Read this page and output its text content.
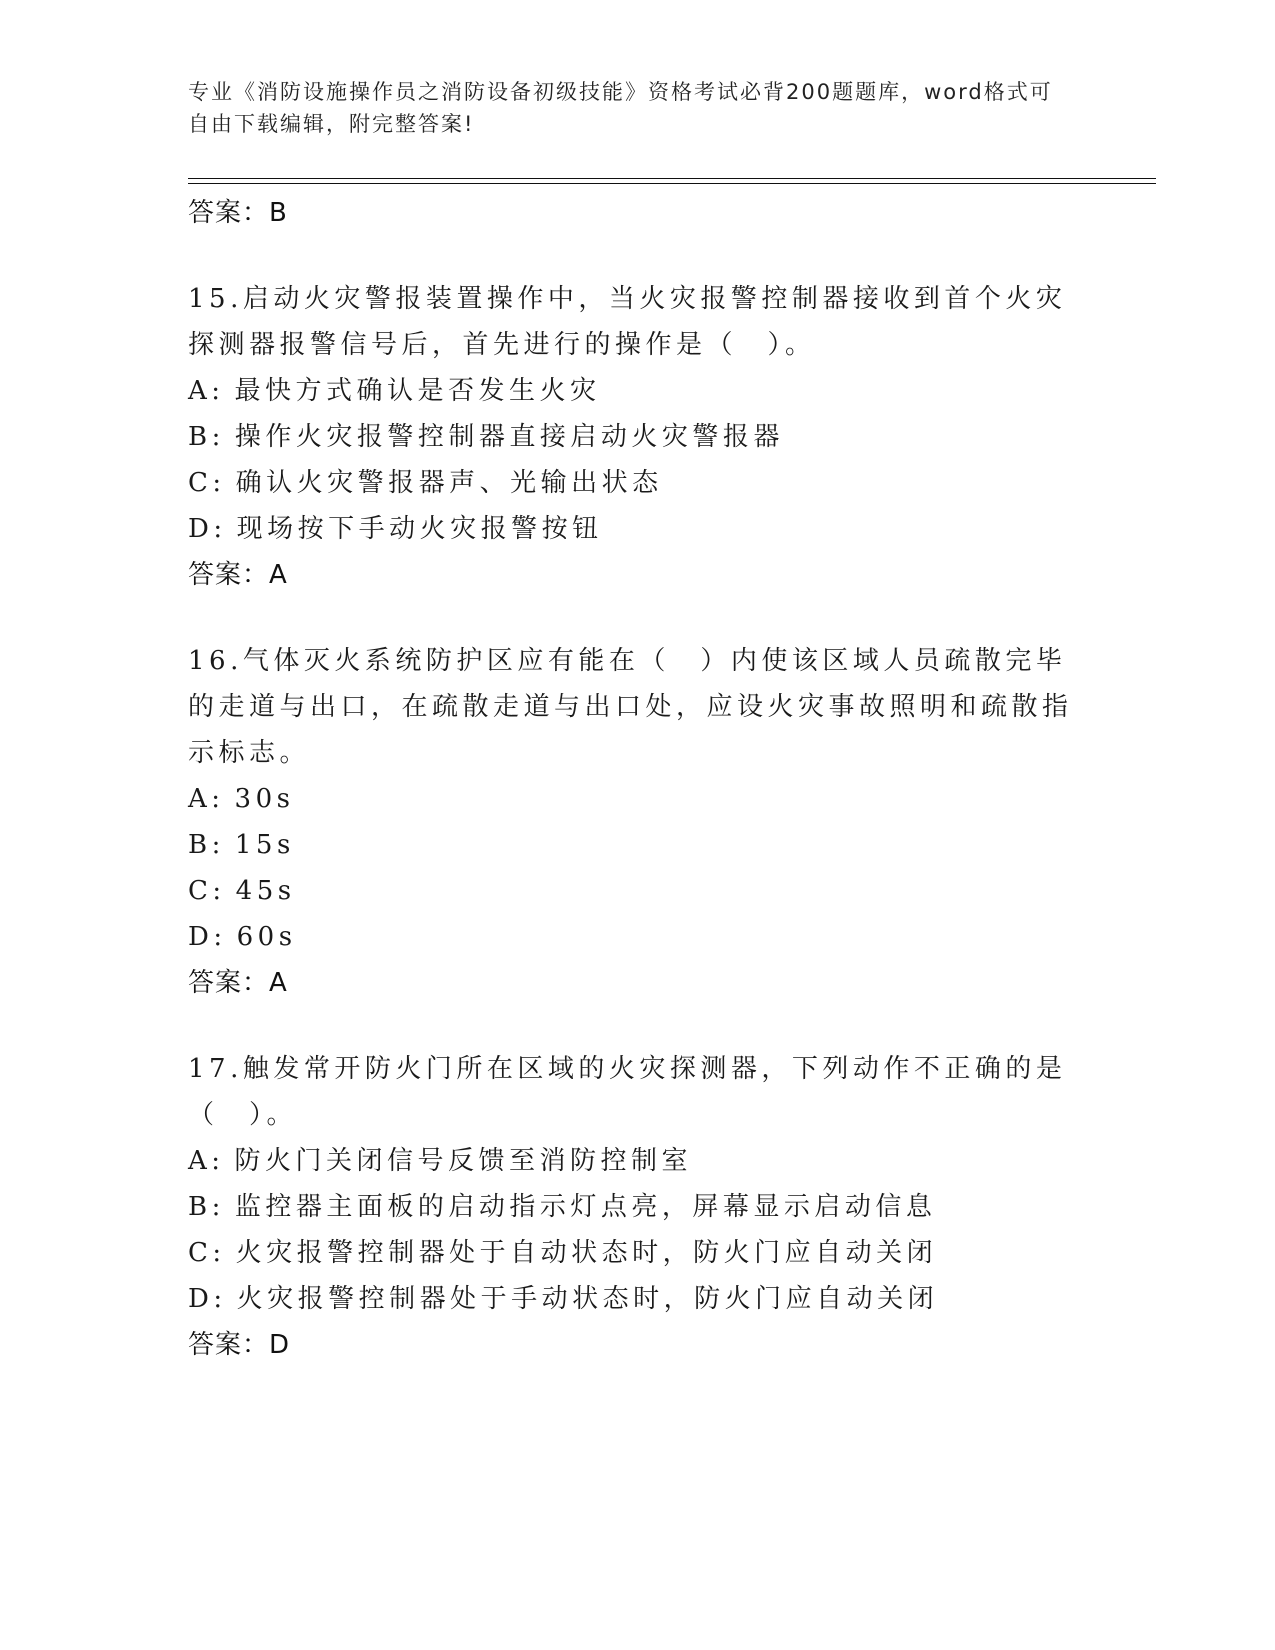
专业《消防设施操作员之消防设备初级技能》资格考试必背200题题库，word格式可自由下载编辑，附完整答案!

答案：B

15.启动火灾警报装置操作中，当火灾报警控制器接收到首个火灾探测器报警信号后，首先进行的操作是（　）。

A: 最快方式确认是否发生火灾
B: 操作火灾报警控制器直接启动火灾警报器
C: 确认火灾警报器声、光输出状态
D: 现场按下手动火灾报警按钮
答案：A

16.气体灭火系统防护区应有能在（　）内使该区域人员疏散完毕的走道与出口，在疏散走道与出口处，应设火灾事故照明和疏散指示标志。

A: 30s
B: 15s
C: 45s
D: 60s
答案：A

17.触发常开防火门所在区域的火灾探测器，下列动作不正确的是（　）。

A: 防火门关闭信号反馈至消防控制室
B: 监控器主面板的启动指示灯点亮，屏幕显示启动信息
C: 火灾报警控制器处于自动状态时，防火门应自动关闭
D: 火灾报警控制器处于手动状态时，防火门应自动关闭
答案：D
